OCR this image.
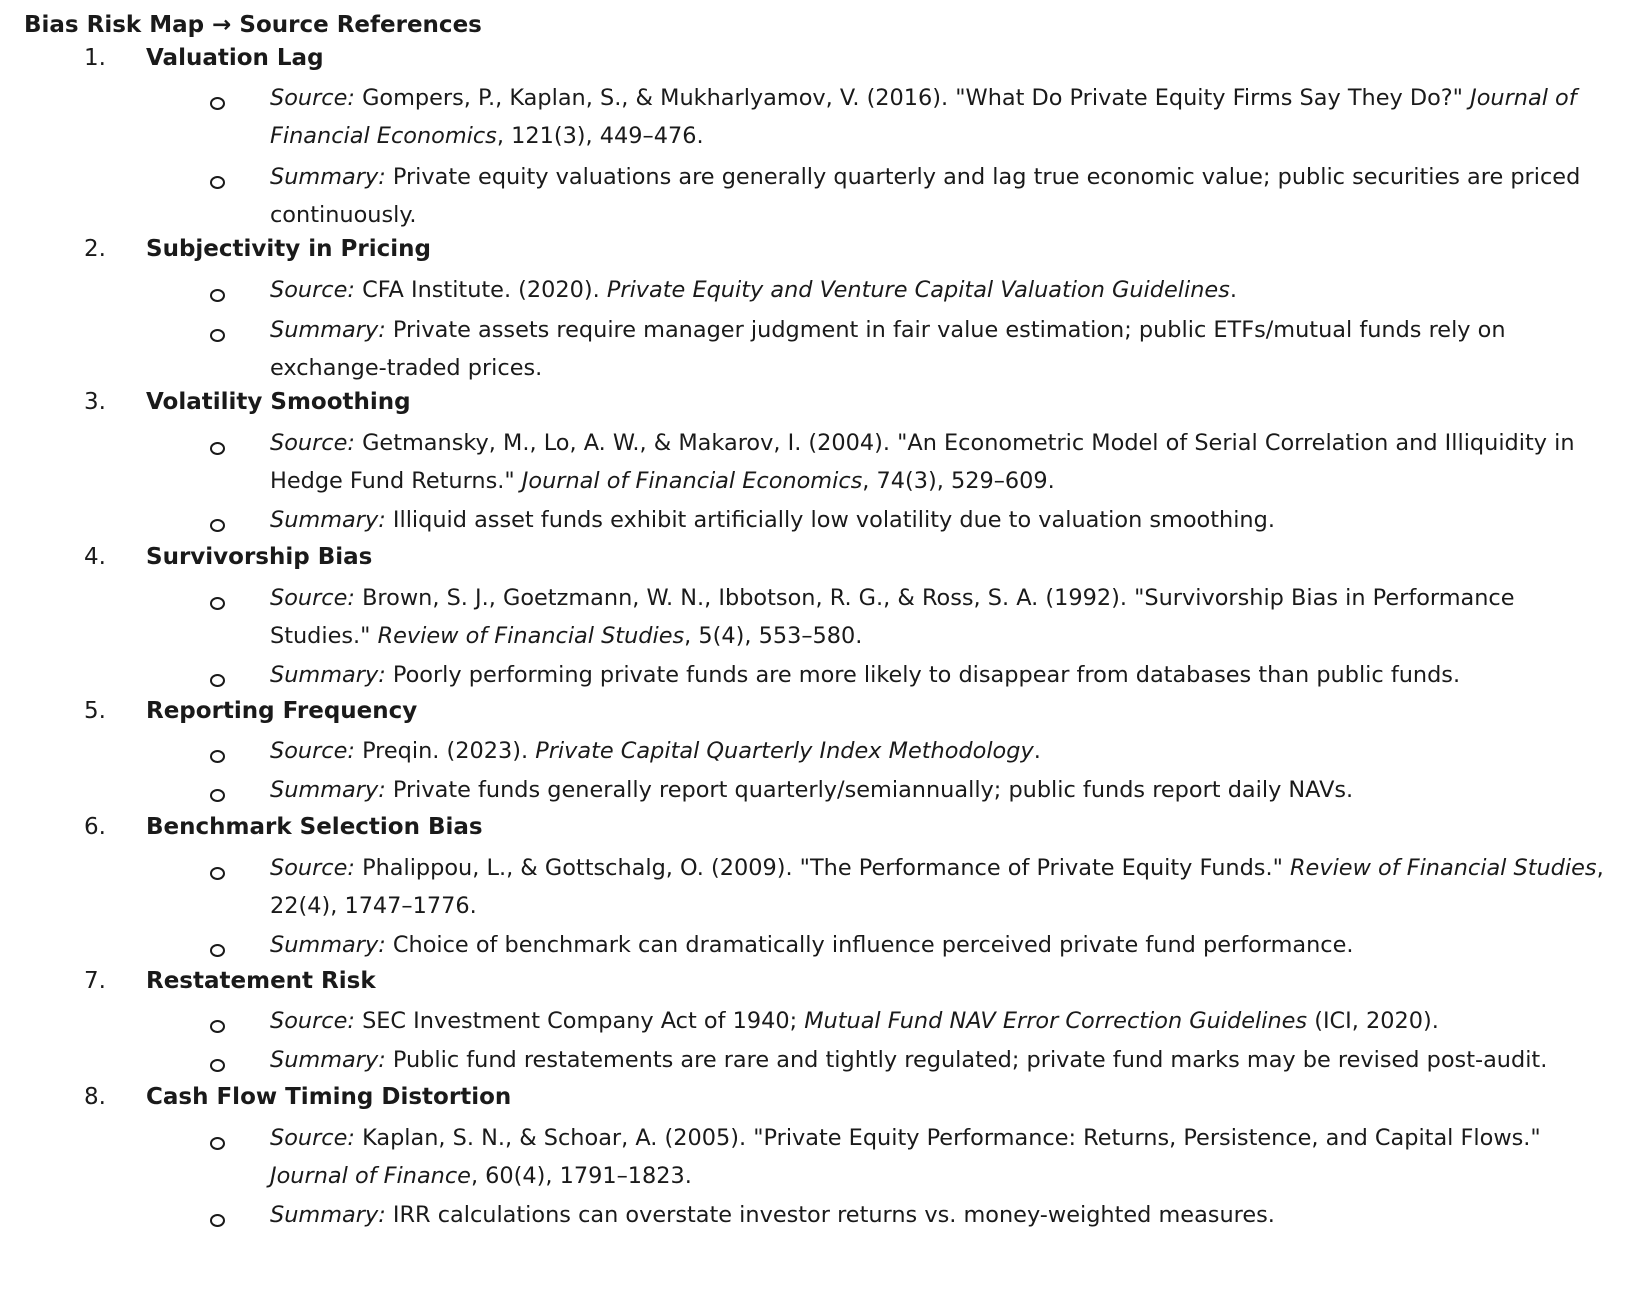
Bias Risk Map → Source References
1. Valuation Lag

Source: Gompers, P., Kaplan, S., & Mukharlyamov, V. (2016). "What Do Private Equity Firms Say They Do?" Journal of Financial Economics, 121(3), 449–476.

Summary: Private equity valuations are generally quarterly and lag true economic value; public securities are priced continuously.

2. Subjectivity in Pricing

Source: CFA Institute. (2020). Private Equity and Venture Capital Valuation Guidelines.

Summary: Private assets require manager judgment in fair value estimation; public ETFs/mutual funds rely on exchange-traded prices.

3. Volatility Smoothing

Source: Getmansky, M., Lo, A. W., & Makarov, I. (2004). "An Econometric Model of Serial Correlation and Illiquidity in Hedge Fund Returns." Journal of Financial Economics, 74(3), 529–609.

Summary: Illiquid asset funds exhibit artificially low volatility due to valuation smoothing.

4. Survivorship Bias

Source: Brown, S. J., Goetzmann, W. N., Ibbotson, R. G., & Ross, S. A. (1992). "Survivorship Bias in Performance Studies." Review of Financial Studies, 5(4), 553–580.

Summary: Poorly performing private funds are more likely to disappear from databases than public funds.

5. Reporting Frequency

Source: Preqin. (2023). Private Capital Quarterly Index Methodology.

Summary: Private funds generally report quarterly/semiannually; public funds report daily NAVs.

6. Benchmark Selection Bias

Source: Phalippou, L., & Gottschalg, O. (2009). "The Performance of Private Equity Funds." Review of Financial Studies, 22(4), 1747–1776.

Summary: Choice of benchmark can dramatically influence perceived private fund performance.

7. Restatement Risk

Source: SEC Investment Company Act of 1940; Mutual Fund NAV Error Correction Guidelines (ICI, 2020).

Summary: Public fund restatements are rare and tightly regulated; private fund marks may be revised post-audit.

8. Cash Flow Timing Distortion

Source: Kaplan, S. N., & Schoar, A. (2005). "Private Equity Performance: Returns, Persistence, and Capital Flows." Journal of Finance, 60(4), 1791–1823.

Summary: IRR calculations can overstate investor returns vs. money-weighted measures.
